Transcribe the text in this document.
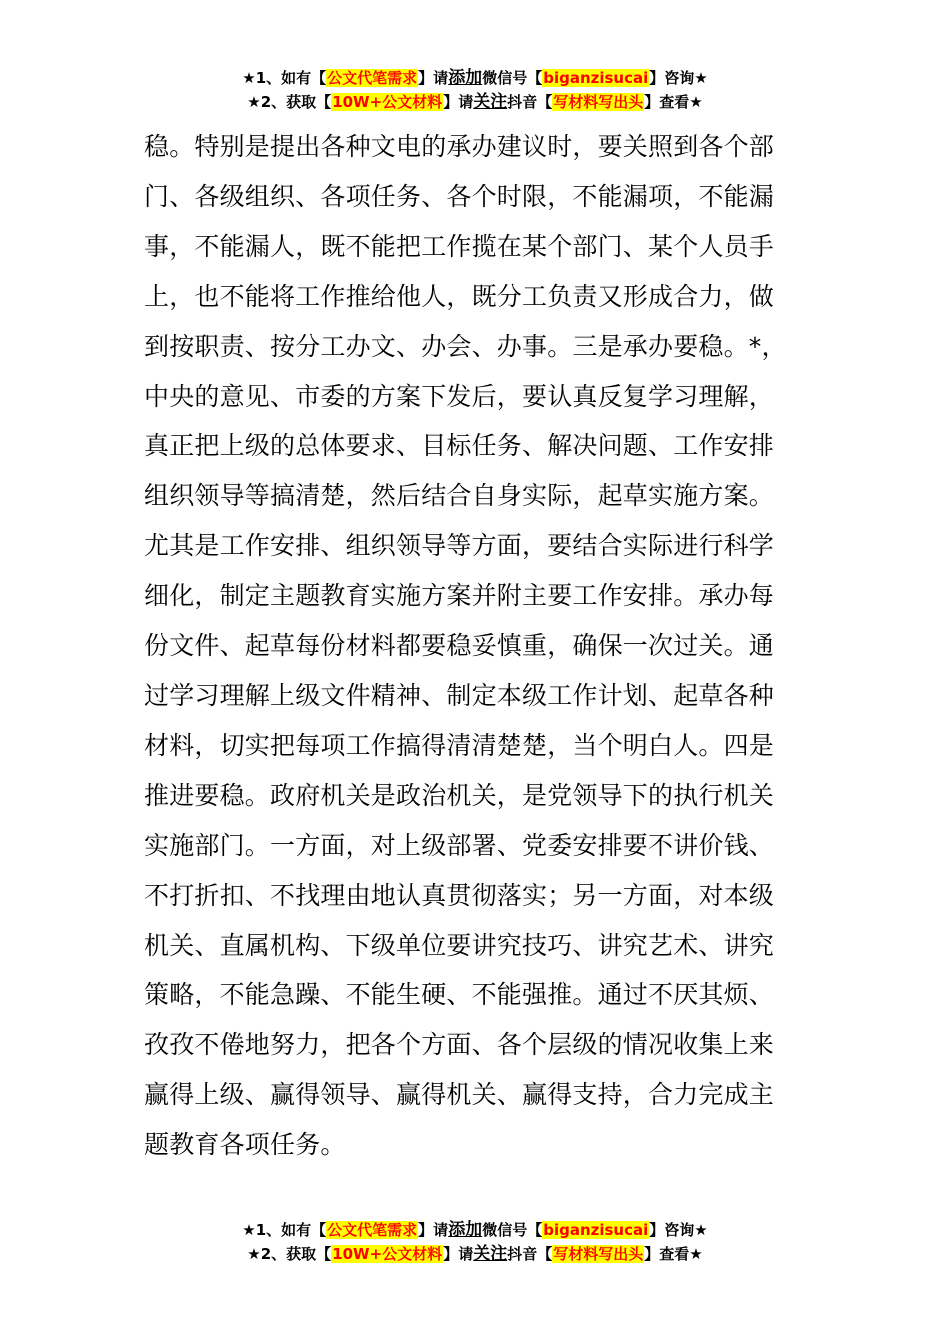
★1、如有【公文代笔需求】请添加微信号【biganzisucai】咨询★
★2、获取【10W+公文材料】请关注抖音【写材料写出头】查看★
稳。特别是提出各种文电的承办建议时，要关照到各个部
门、各级组织、各项任务、各个时限，不能漏项，不能漏
事，不能漏人，既不能把工作揽在某个部门、某个人员手
上，也不能将工作推给他人，既分工负责又形成合力，做
到按职责、按分工办文、办会、办事。三是承办要稳。*，
中央的意见、市委的方案下发后，要认真反复学习理解，
真正把上级的总体要求、目标任务、解决问题、工作安排
组织领导等搞清楚，然后结合自身实际，起草实施方案。
尤其是工作安排、组织领导等方面，要结合实际进行科学
细化，制定主题教育实施方案并附主要工作安排。承办每
份文件、起草每份材料都要稳妥慎重，确保一次过关。通
过学习理解上级文件精神、制定本级工作计划、起草各种
材料，切实把每项工作搞得清清楚楚，当个明白人。四是
推进要稳。政府机关是政治机关，是党领导下的执行机关
实施部门。一方面，对上级部署、党委安排要不讲价钱、
不打折扣、不找理由地认真贯彻落实；另一方面，对本级
机关、直属机构、下级单位要讲究技巧、讲究艺术、讲究
策略，不能急躁、不能生硬、不能强推。通过不厌其烦、
孜孜不倦地努力，把各个方面、各个层级的情况收集上来
赢得上级、赢得领导、赢得机关、赢得支持，合力完成主
题教育各项任务。
★1、如有【公文代笔需求】请添加微信号【biganzisucai】咨询★
★2、获取【10W+公文材料】请关注抖音【写材料写出头】查看★
